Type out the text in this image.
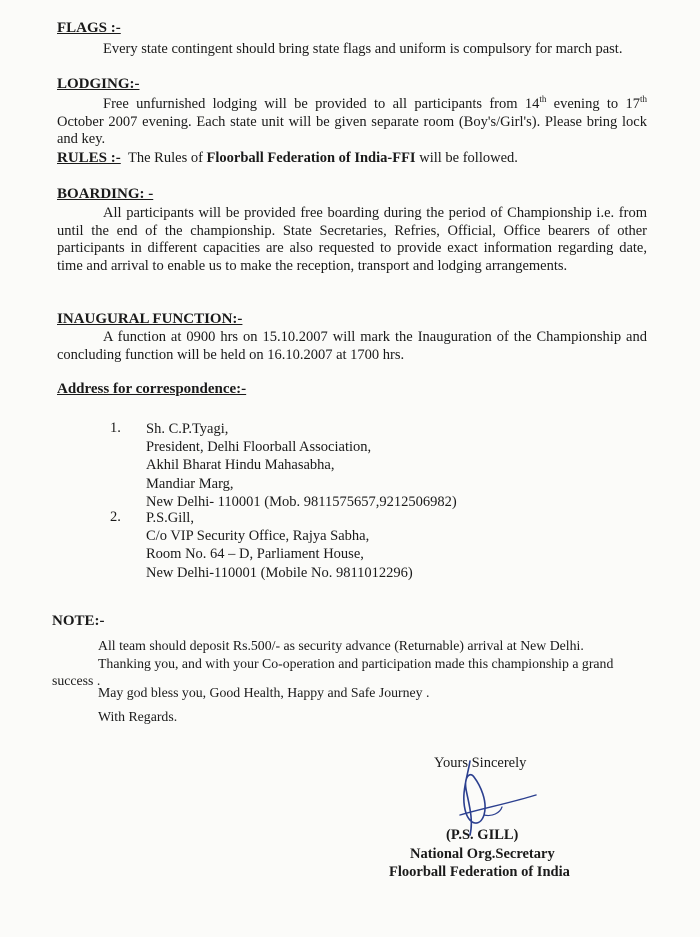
FLAGS :-

Every state contingent should bring state flags and uniform is compulsory for march past.

LODGING:-

Free unfurnished lodging will be provided to all participants from 14th evening to 17th October 2007 evening. Each state unit will be given separate room (Boy's/Girl's). Please bring lock and key.

RULES :- The Rules of Floorball Federation of India-FFI will be followed.

BOARDING: -

All participants will be provided free boarding during the period of Championship i.e. from until the end of the championship. State Secretaries, Refries, Official, Office bearers of other participants in different capacities are also requested to provide exact information regarding date, time and arrival to enable us to make the reception, transport and lodging arrangements.

INAUGURAL FUNCTION:-

A function at 0900 hrs on 15.10.2007 will mark the Inauguration of the Championship and concluding function will be held on 16.10.2007 at 1700 hrs.

Address for correspondence:-
1. Sh. C.P.Tyagi,
President, Delhi Floorball Association,
Akhil Bharat Hindu Mahasabha,
Mandiar Marg,
New Delhi- 110001 (Mob. 9811575657,9212506982)
2. P.S.Gill,
C/o VIP Security Office, Rajya Sabha,
Room No. 64 – D, Parliament House,
New Delhi-110001 (Mobile No. 9811012296)
NOTE:-

All team should deposit Rs.500/- as security advance (Returnable) arrival at New Delhi.

Thanking you, and with your Co-operation and participation made this championship a grand success .

May god bless you, Good Health, Happy and Safe Journey .

With Regards.

Yours Sincerely
(P.S. GILL)
National Org.Secretary
Floorball Federation of India
